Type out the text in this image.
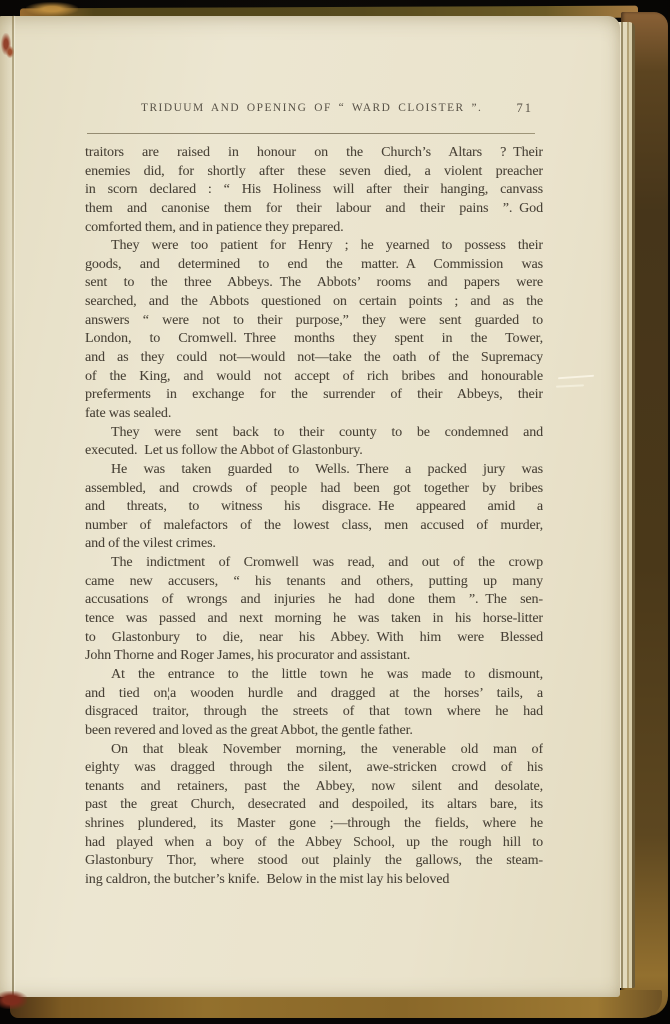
TRIDUUM AND OPENING OF “ WARD CLOISTER ”.	71
traitors are raised in honour on the Church’s Altars ? Their
enemies did, for shortly after these seven died, a violent preacher
in scorn declared : “ His Holiness will after their hanging, canvass
them and canonise them for their labour and their pains ”. God
comforted them, and in patience they prepared.
They were too patient for Henry ; he yearned to possess their
goods, and determined to end the matter. A Commission was
sent to the three Abbeys. The Abbots’ rooms and papers were
searched, and the Abbots questioned on certain points ; and as the
answers “ were not to their purpose,” they were sent guarded to
London, to Cromwell. Three months they spent in the Tower,
and as they could not—would not—take the oath of the Supremacy
of the King, and would not accept of rich bribes and honourable
preferments in exchange for the surrender of their Abbeys, their
fate was sealed.
They were sent back to their county to be condemned and
executed. Let us follow the Abbot of Glastonbury.
He was taken guarded to Wells. There a packed jury was
assembled, and crowds of people had been got together by bribes
and threats, to witness his disgrace. He appeared amid a
number of malefactors of the lowest class, men accused of murder,
and of the vilest crimes.
The indictment of Cromwell was read, and out of the crowp
came new accusers, “ his tenants and others, putting up many
accusations of wrongs and injuries he had done them ”. The sen-
tence was passed and next morning he was taken in his horse-litter
to Glastonbury to die, near his Abbey. With him were Blessed
John Thorne and Roger James, his procurator and assistant.
At the entrance to the little town he was made to dismount,
and tied on¦a wooden hurdle and dragged at the horses’ tails, a
disgraced traitor, through the streets of that town where he had
been revered and loved as the great Abbot, the gentle father.
On that bleak November morning, the venerable old man of
eighty was dragged through the silent, awe-stricken crowd of his
tenants and retainers, past the Abbey, now silent and desolate,
past the great Church, desecrated and despoiled, its altars bare, its
shrines plundered, its Master gone ;—through the fields, where he
had played when a boy of the Abbey School, up the rough hill to
Glastonbury Thor, where stood out plainly the gallows, the steam-
ing caldron, the butcher’s knife. Below in the mist lay his beloved
